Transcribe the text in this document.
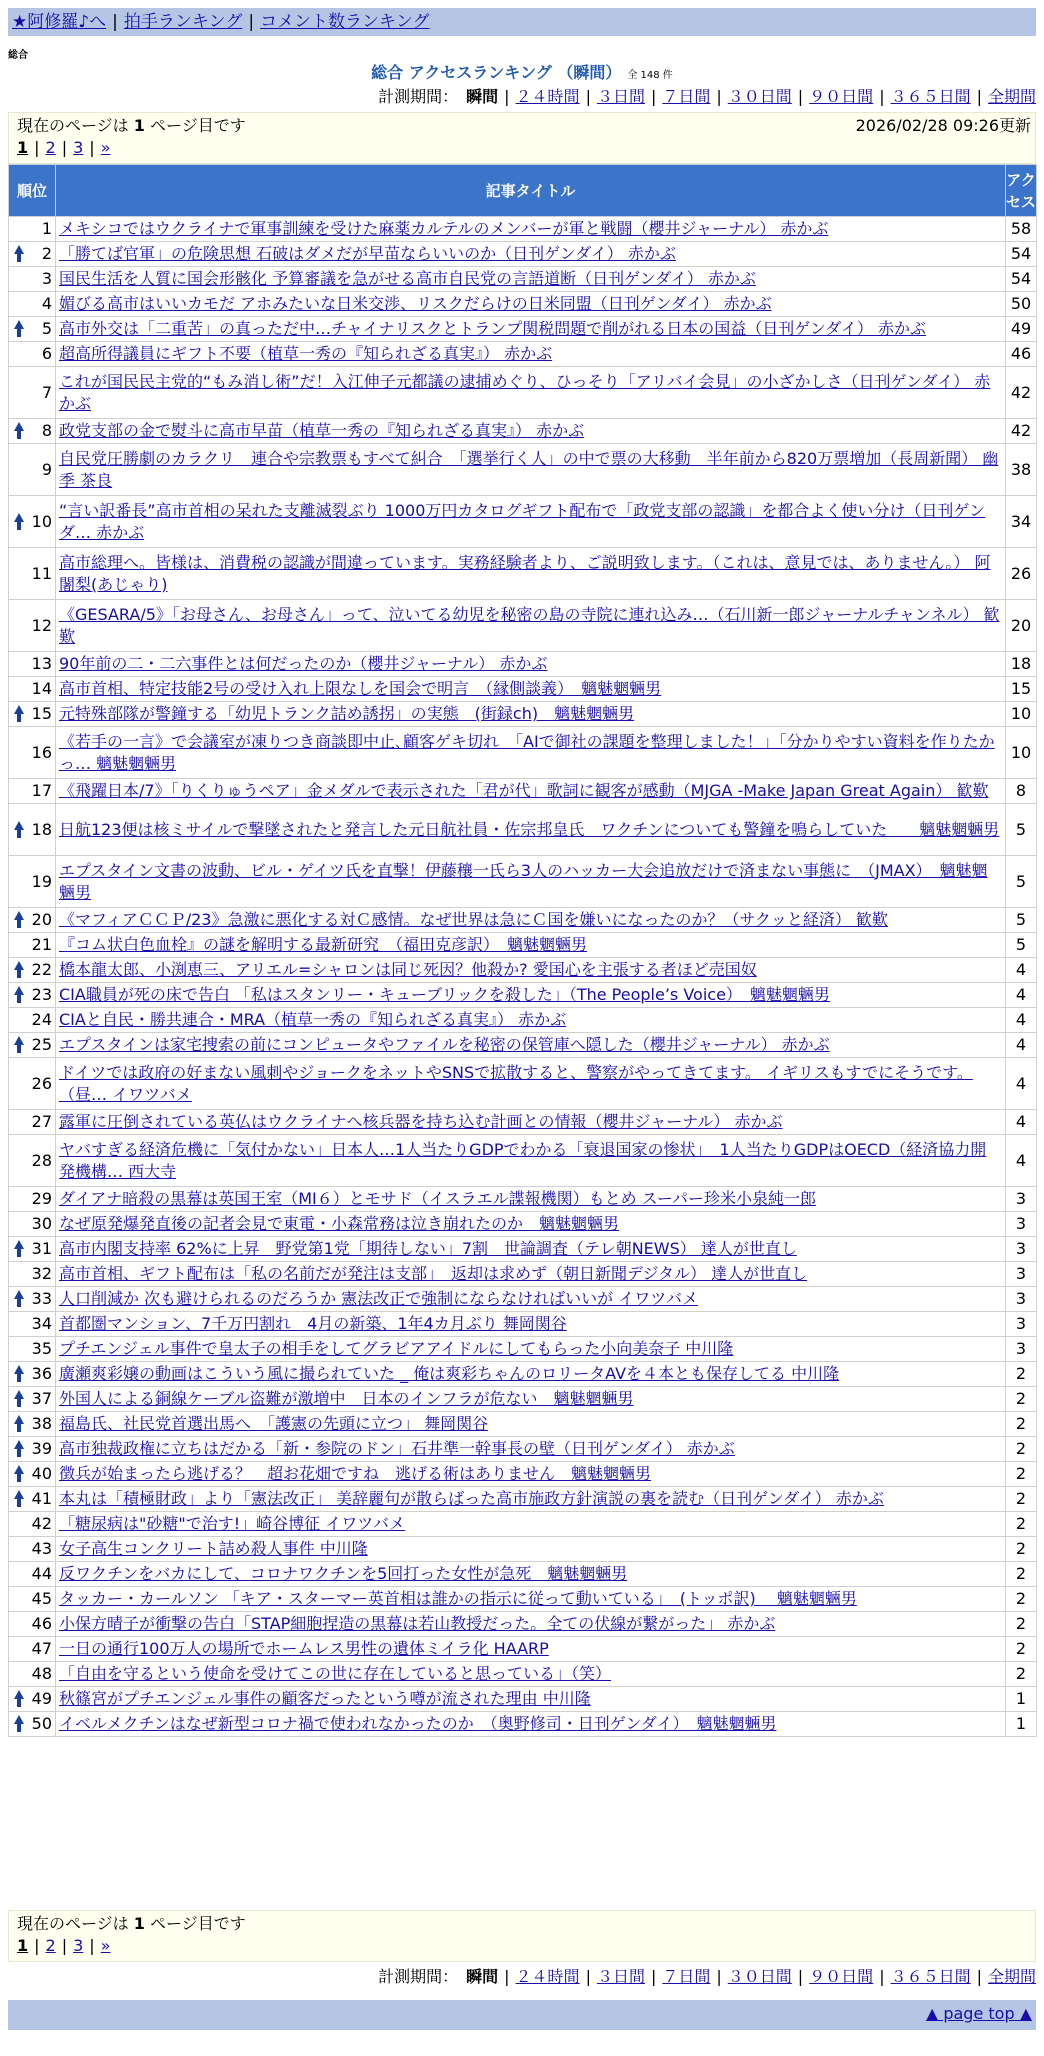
★阿修羅♪へ | 拍手ランキング | コメント数ランキング
総合
総合 アクセスランキング （瞬間） 全 148 件
計測期間： 瞬間 | ２４時間 | ３日間 | ７日間 | ３０日間 | ９０日間 | ３６５日間 | 全期間
現在のページは 1 ページ目です	2026/02/28 09:26更新
1 | 2 | 3 | »
順位	記事タイトル	アクセス
1	メキシコではウクライナで軍事訓練を受けた麻薬カルテルのメンバーが軍と戦闘（櫻井ジャーナル） 赤かぶ	58

2	「勝てば官軍」の危険思想 石破はダメだが早苗ならいいのか（日刊ゲンダイ） 赤かぶ	54
3	国民生活を人質に国会形骸化 予算審議を急がせる高市自民党の言語道断（日刊ゲンダイ） 赤かぶ	54
4	媚びる高市はいいカモだ アホみたいな日米交渉、リスクだらけの日米同盟（日刊ゲンダイ） 赤かぶ	50

5	高市外交は「二重苦」の真っただ中…チャイナリスクとトランプ関税問題で削がれる日本の国益（日刊ゲンダイ） 赤かぶ	49
6	超高所得議員にギフト不要（植草一秀の『知られざる真実』） 赤かぶ	46
7	これが国民民主党的“もみ消し術”だ！入江伸子元都議の逮捕めぐり、ひっそり「アリバイ会見」の小ざかしさ（日刊ゲンダイ） 赤かぶ	42

8	政党支部の金で熨斗に高市早苗（植草一秀の『知られざる真実』） 赤かぶ	42
9	自民党圧勝劇のカラクリ　連合や宗教票もすべて糾合　「選挙行く人」の中で票の大移動　半年前から820万票増加（長周新聞） 幽季 茶良	38

10	“言い訳番長”高市首相の呆れた支離滅裂ぶり 1000万円カタログギフト配布で「政党支部の認識」を都合よく使い分け（日刊ゲンダ… 赤かぶ	34
11	高市総理へ。皆様は、消費税の認識が間違っています。実務経験者より、ご説明致します。（これは、意見では、ありません。） 阿闍梨(あじゃり)	26
12	《GESARA/5》「お母さん、お母さん」って、泣いてる幼児を秘密の島の寺院に連れ込み…（石川新一郎ジャーナルチャンネル） 歓歎	20
13	90年前の二・二六事件とは何だったのか（櫻井ジャーナル） 赤かぶ	18
14	高市首相、特定技能2号の受け入れ上限なしを国会で明言　（縁側談義）　魑魅魍魎男	15

15	元特殊部隊が警鐘する「幼児トランク詰め誘拐」の実態　(街録ch)　魑魅魍魎男	10
16	《若手の一言》で会議室が凍りつき商談即中止､顧客ゲキ切れ　「AIで御社の課題を整理しました！」「分かりやすい資料を作りたかっ… 魑魅魍魎男	10
17	《飛躍日本/7》「りくりゅうペア」金メダルで表示された「君が代」歌詞に観客が感動（MJGA -Make Japan Great Again） 歓歎	8

18	日航123便は核ミサイルで撃墜されたと発言した元日航社員・佐宗邦皇氏　ワクチンについても警鐘を鳴らしていた　　魑魅魍魎男	5
19	エプスタイン文書の波動、ビル・ゲイツ氏を直撃！伊藤穰一氏ら3人のハッカー大会追放だけで済まない事態に　（JMAX）　魑魅魍魎男	5

20	《マフィアＣＣＰ/23》急激に悪化する対Ｃ感情。なぜ世界は急にＣ国を嫌いになったのか？（サクッと経済） 歓歎	5
21	『コム状白色血栓』の謎を解明する最新研究　（福田克彦訳）　魑魅魍魎男	5

22	橋本龍太郎、小渕恵三、アリエル=シャロンは同じ死因？他殺か? 愛国心を主張する者ほど売国奴	4

23	CIA職員が死の床で告白 「私はスタンリー・キューブリックを殺した」（The People’s Voice）　魑魅魍魎男	4
24	CIAと自民・勝共連合・MRA（植草一秀の『知られざる真実』） 赤かぶ	4

25	エプスタインは家宅捜索の前にコンピュータやファイルを秘密の保管庫へ隠した（櫻井ジャーナル） 赤かぶ	4
26	ドイツでは政府の好まない風刺やジョークをネットやSNSで拡散すると、警察がやってきてます。 イギリスもすでにそうです。（昼… イワツバメ	4
27	露軍に圧倒されている英仏はウクライナへ核兵器を持ち込む計画との情報（櫻井ジャーナル） 赤かぶ	4
28	ヤバすぎる経済危機に「気付かない」日本人…1人当たりGDPでわかる「衰退国家の惨状」　1人当たりGDPはOECD（経済協力開発機構… 西大寺	4
29	ダイアナ暗殺の黒幕は英国王室（MI６）とモサド（イスラエル諜報機関）もとめ スーパー珍米小泉純一郎	3
30	なぜ原発爆発直後の記者会見で東電・小森常務は泣き崩れたのか　魑魅魍魎男	3

31	高市内閣支持率 62%に上昇　野党第1党「期待しない」7割　世論調査（テレ朝NEWS） 達人が世直し	3
32	高市首相、ギフト配布は「私の名前だが発注は支部」　返却は求めず（朝日新聞デジタル） 達人が世直し	3

33	人口削減か 次も避けられるのだろうか 憲法改正で強制にならなければいいが イワツバメ	3
34	首都圏マンション、7千万円割れ　4月の新築、1年4カ月ぶり 舞岡関谷	3
35	プチエンジェル事件で皇太子の相手をしてグラビアアイドルにしてもらった小向美奈子 中川隆	3

36	廣瀬爽彩嬢の動画はこういう風に撮られていた _ 俺は爽彩ちゃんのロリータAVを４本とも保存してる 中川隆	2

37	外国人による銅線ケーブル盗難が激増中　日本のインフラが危ない　魑魅魍魎男	2

38	福島氏、社民党首選出馬へ　「護憲の先頭に立つ」 舞岡関谷	2

39	高市独裁政権に立ちはだかる「新・参院のドン」石井準一幹事長の壁（日刊ゲンダイ） 赤かぶ	2

40	徴兵が始まったら逃げる？　超お花畑ですね　逃げる術はありません　魑魅魍魎男	2

41	本丸は「積極財政」より「憲法改正」 美辞麗句が散らばった高市施政方針演説の裏を読む（日刊ゲンダイ） 赤かぶ	2
42	「糖尿病は"砂糖"で治す!」崎谷博征 イワツバメ	2
43	女子高生コンクリート詰め殺人事件 中川隆	2
44	反ワクチンをバカにして、コロナワクチンを5回打った女性が急死　魑魅魍魎男	2
45	タッカー・カールソン 「キア・スターマー英首相は誰かの指示に従って動いている」　(トッポ訳)　 魑魅魍魎男	2
46	小保方晴子が衝撃の告白「STAP細胞捏造の黒幕は若山教授だった。全ての伏線が繋がった」 赤かぶ	2
47	一日の通行100万人の場所でホームレス男性の遺体ミイラ化 HAARP	2
48	「自由を守るという使命を受けてこの世に存在していると思っている」（笑）	2

49	秋篠宮がプチエンジェル事件の顧客だったという噂が流された理由 中川隆	1

50	イベルメクチンはなぜ新型コロナ禍で使われなかったのか　（奥野修司・日刊ゲンダイ）　魑魅魍魎男	1
現在のページは 1 ページ目です
1 | 2 | 3 | »
計測期間： 瞬間 | ２４時間 | ３日間 | ７日間 | ３０日間 | ９０日間 | ３６５日間 | 全期間
▲ page top ▲
